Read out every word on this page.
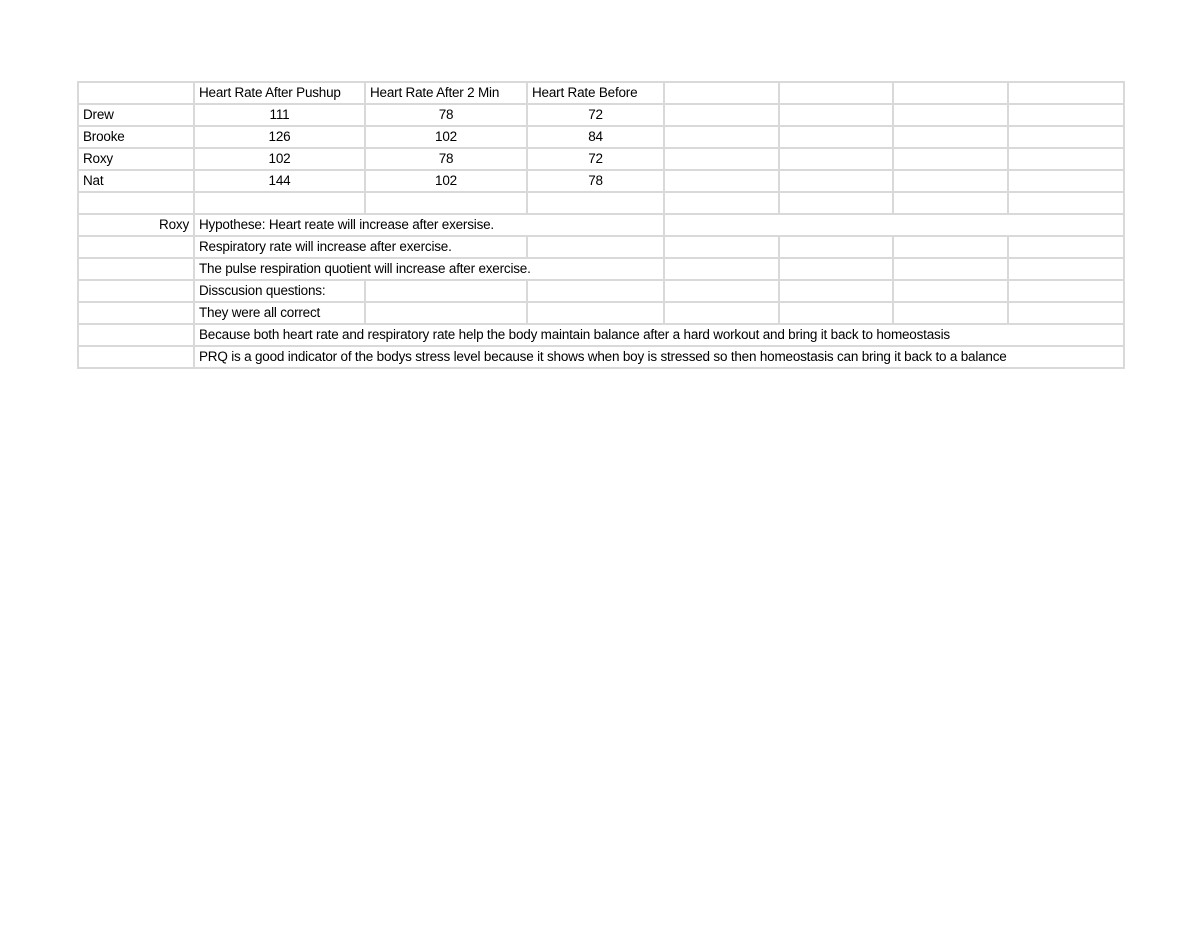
	Heart Rate After Pushup	Heart Rate After 2 Min	Heart Rate Before				
Drew	111	78	72				
Brooke	126	102	84				
Roxy	102	78	72				
Nat	144	102	78				

Roxy	Hypothese: Heart reate will increase after exersise.						
	Respiratory rate will increase after exercise.						
	The pulse respiration quotient will increase after exercise.						
	Disscusion questions:						
	They were all correct						
	Because both heart rate and respiratory rate help the body maintain balance after a hard workout and bring it back to homeostasis						
	PRQ is a good indicator of the bodys stress level because it shows when boy is stressed so then homeostasis can bring it back to a balance						
